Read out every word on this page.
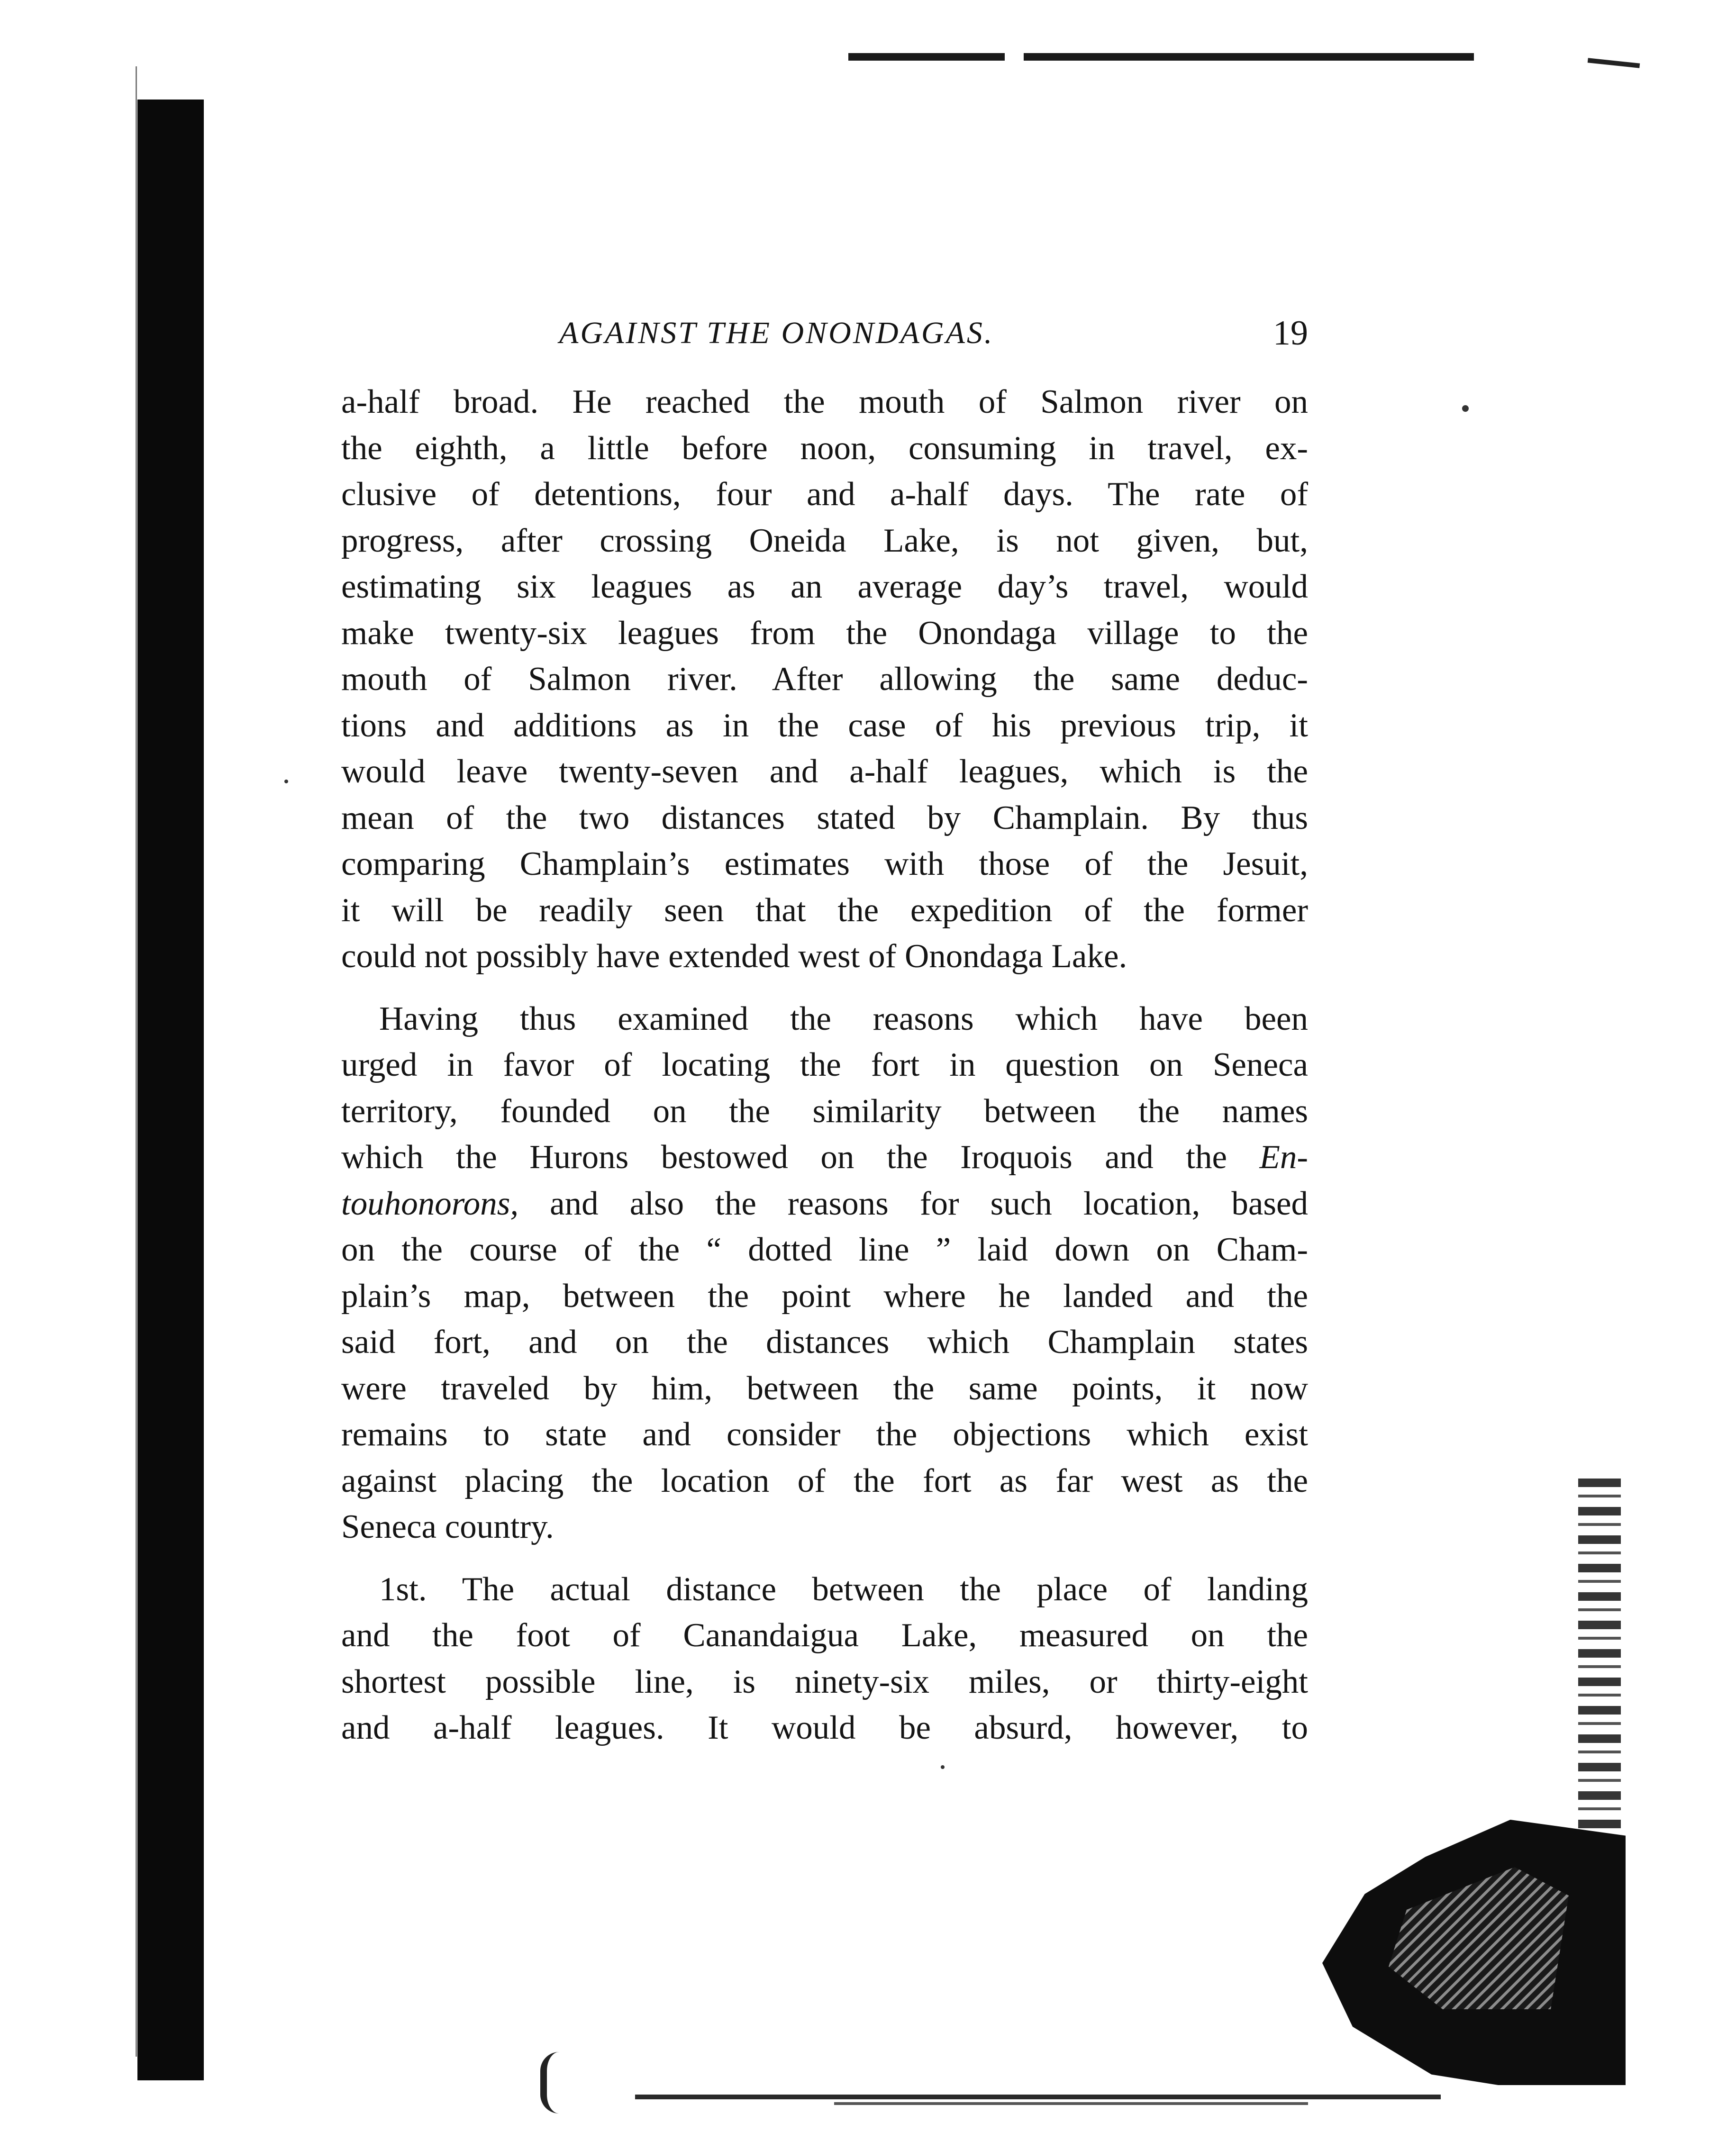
AGAINST THE ONONDAGAS.	19
a-half broad. He reached the mouth of Salmon river on
the eighth, a little before noon, consuming in travel, ex-
clusive of detentions, four and a-half days. The rate of
progress, after crossing Oneida Lake, is not given, but,
estimating six leagues as an average day’s travel, would
make twenty-six leagues from the Onondaga village to the
mouth of Salmon river. After allowing the same deduc-
tions and additions as in the case of his previous trip, it
would leave twenty-seven and a-half leagues, which is the
mean of the two distances stated by Champlain. By thus
comparing Champlain’s estimates with those of the Jesuit,
it will be readily seen that the expedition of the former
could not possibly have extended west of Onondaga Lake.
Having thus examined the reasons which have been
urged in favor of locating the fort in question on Seneca
territory, founded on the similarity between the names
which the Hurons bestowed on the Iroquois and the En-
touhonorons, and also the reasons for such location, based
on the course of the “ dotted line ” laid down on Cham-
plain’s map, between the point where he landed and the
said fort, and on the distances which Champlain states
were traveled by him, between the same points, it now
remains to state and consider the objections which exist
against placing the location of the fort as far west as the
Seneca country.
1st. The actual distance between the place of landing
and the foot of Canandaigua Lake, measured on the
shortest possible line, is ninety-six miles, or thirty-eight
and a-half leagues. It would be absurd, however, to
